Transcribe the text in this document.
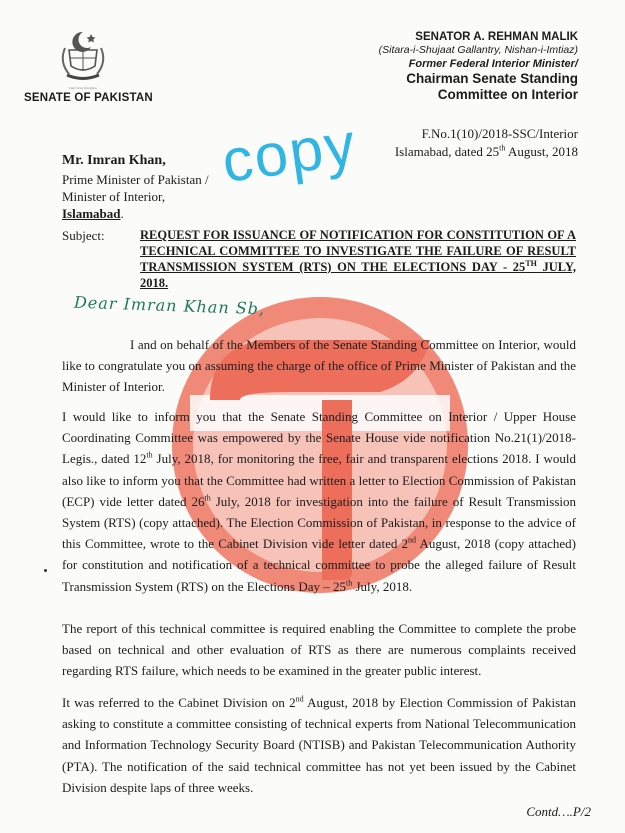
Faith Unity Discipline
SENATE OF PAKISTAN
SENATOR A. REHMAN MALIK
(Sitara-i-Shujaat Gallantry, Nishan-i-Imtiaz)
Former Federal Interior Minister/
Chairman Senate Standing
Committee on Interior
F.No.1(10)/2018-SSC/Interior
Islamabad, dated 25th August, 2018
copy
Mr. Imran Khan,
Prime Minister of Pakistan /
Minister of Interior,
Islamabad.
Subject:	REQUEST FOR ISSUANCE OF NOTIFICATION FOR CONSTITUTION OF A TECHNICAL COMMITTEE TO INVESTIGATE THE FAILURE OF RESULT TRANSMISSION SYSTEM (RTS) ON THE ELECTIONS DAY - 25TH JULY, 2018.
Dear Imran Khan Sb,
I and on behalf of the Members of the Senate Standing Committee on Interior, would like to congratulate you on assuming the charge of the office of Prime Minister of Pakistan and the Minister of Interior.
I would like to inform you that the Senate Standing Committee on Interior / Upper House Coordinating Committee was empowered by the Senate House vide notification No.21(1)/2018-Legis., dated 12th July, 2018, for monitoring the free, fair and transparent elections 2018. I would also like to inform you that the Committee had written a letter to Election Commission of Pakistan (ECP) vide letter dated 26th July, 2018 for investigation into the failure of Result Transmission System (RTS) (copy attached). The Election Commission of Pakistan, in response to the advice of this Committee, wrote to the Cabinet Division vide letter dated 2nd August, 2018 (copy attached) for constitution and notification of a technical committee to probe the alleged failure of Result Transmission System (RTS) on the Elections Day – 25th July, 2018.
The report of this technical committee is required enabling the Committee to complete the probe based on technical and other evaluation of RTS as there are numerous complaints received regarding RTS failure, which needs to be examined in the greater public interest.
It was referred to the Cabinet Division on 2nd August, 2018 by Election Commission of Pakistan asking to constitute a committee consisting of technical experts from National Telecommunication and Information Technology Security Board (NTISB) and Pakistan Telecommunication Authority (PTA). The notification of the said technical committee has not yet been issued by the Cabinet Division despite laps of three weeks.
Contd….P/2
